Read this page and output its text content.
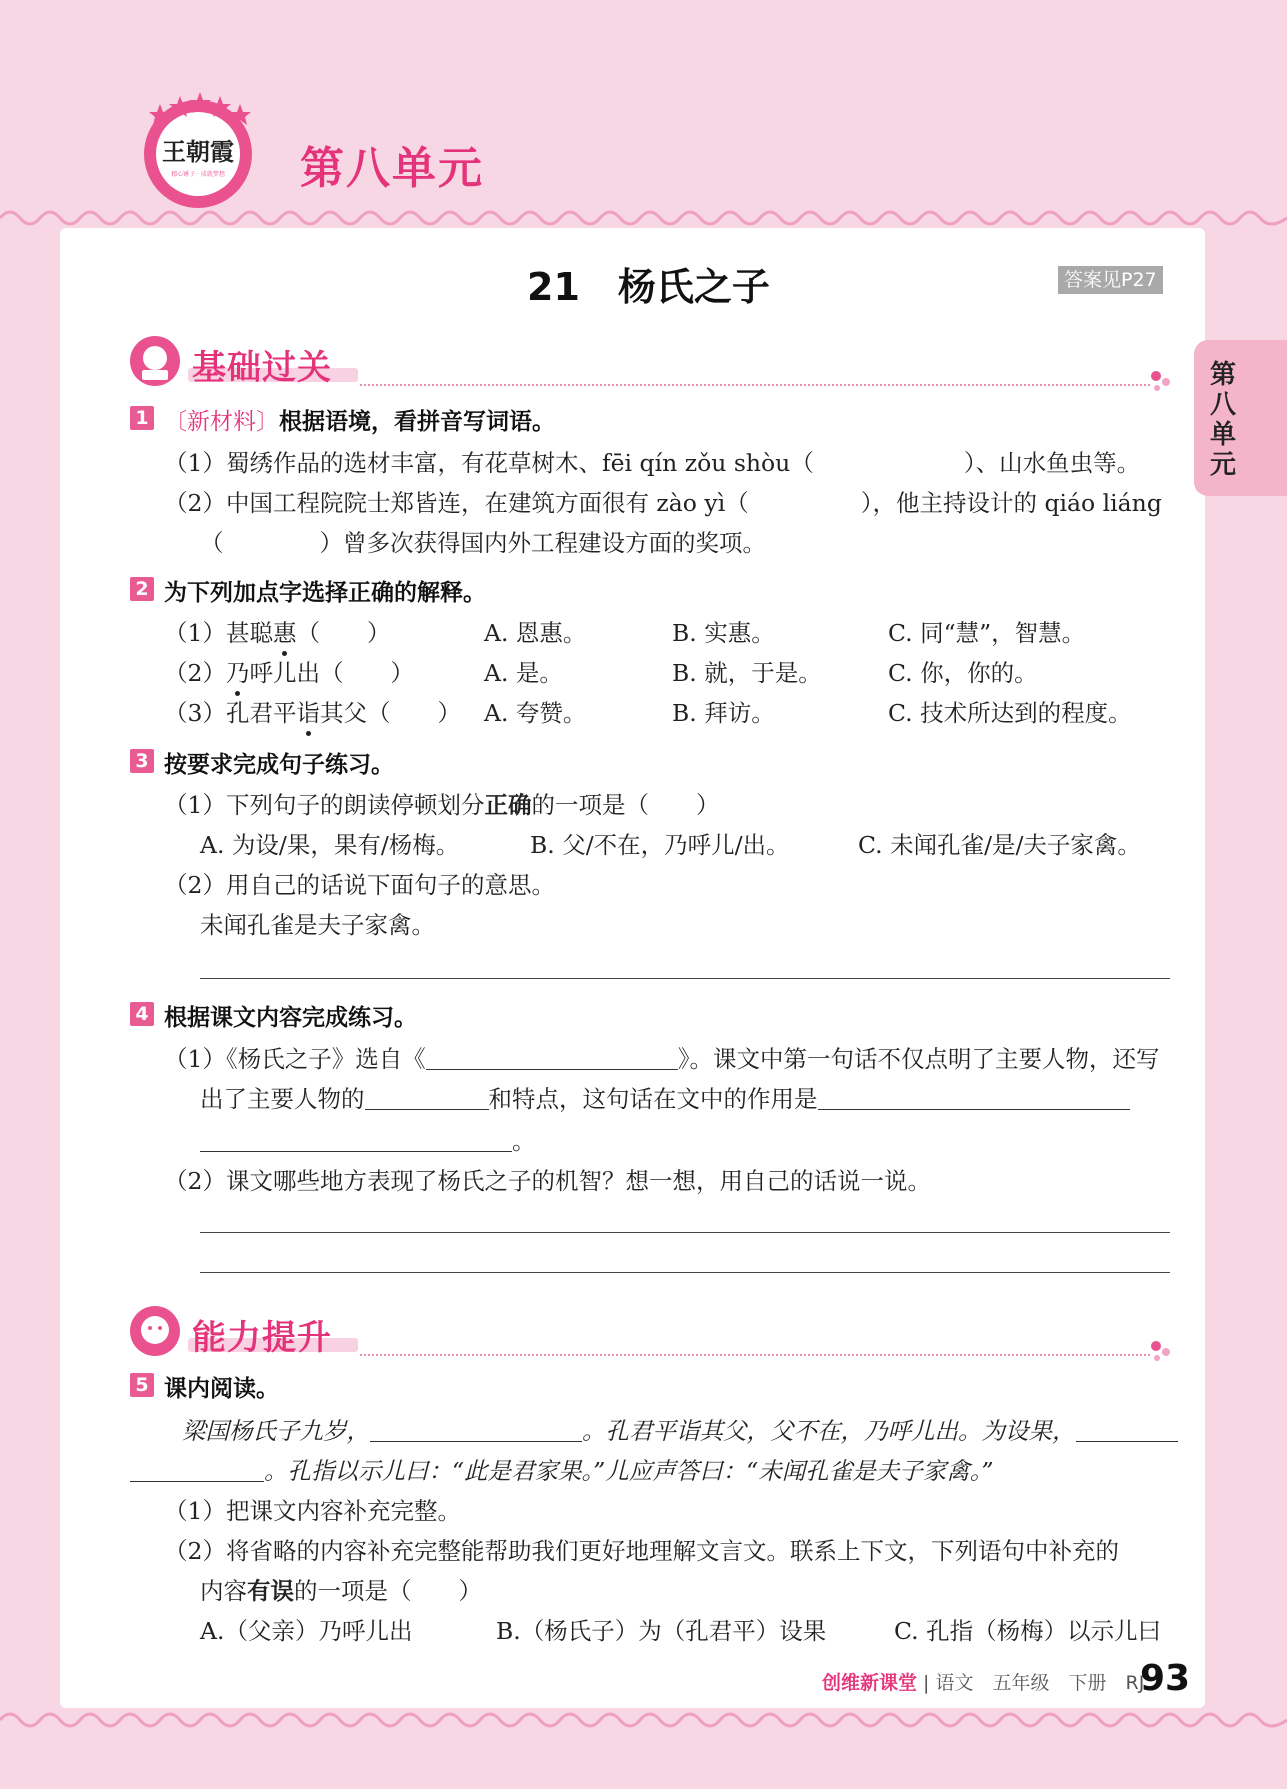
王朝霞
精心锤子 · 成就梦想 第八单元
第八单元
21　杨氏之子	答案见P27
基础过关
1 〔新材料〕根据语境，看拼音写词语。
（1）蜀绣作品的选材丰富，有花草树木、fēi qín zǒu shòu（	）、山水鱼虫等。
（2）中国工程院院士郑皆连，在建筑方面很有 zào yì（	），他主持设计的 qiáo liáng
（	）曾多次获得国内外工程建设方面的奖项。
2 为下列加点字选择正确的解释。
（1）甚聪惠（　　）	A. 恩惠。	B. 实惠。	C. 同“慧”，智慧。
（2）乃呼儿出（　　）	A. 是。	B. 就，于是。	C. 你，你的。
（3）孔君平诣其父（　　） A. 夸赞。	B. 拜访。	C. 技术所达到的程度。
3 按要求完成句子练习。
（1）下列句子的朗读停顿划分正确的一项是（　　）
A. 为设/果，果有/杨梅。	B. 父/不在，乃呼儿/出。	C. 未闻孔雀/是/夫子家禽。
（2）用自己的话说下面句子的意思。
未闻孔雀是夫子家禽。
4 根据课文内容完成练习。
（1）《杨氏之子》选自《	》。课文中第一句话不仅点明了主要人物，还写
出了主要人物的	和特点，这句话在文中的作用是
。
（2）课文哪些地方表现了杨氏之子的机智？想一想，用自己的话说一说。
能力提升
5 课内阅读。
梁国杨氏子九岁，	。孔君平诣其父，父不在，乃呼儿出。为设果，
。孔指以示儿曰：“此是君家果。”儿应声答曰：“未闻孔雀是夫子家禽。”
（1）把课文内容补充完整。
（2）将省略的内容补充完整能帮助我们更好地理解文言文。联系上下文，下列语句中补充的
内容有误的一项是（　　）
A.（父亲）乃呼儿出	B.（杨氏子）为（孔君平）设果	C. 孔指（杨梅）以示儿曰
创维新课堂 | 语文　五年级　下册　RJ
93
